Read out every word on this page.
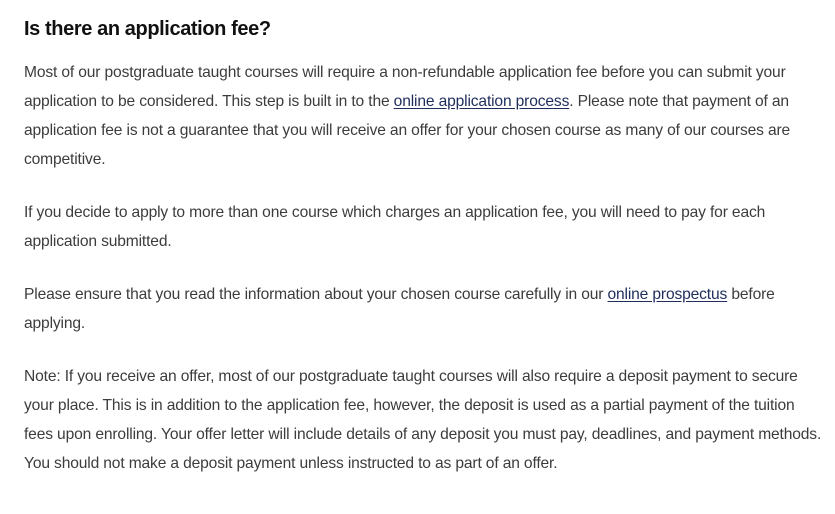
Is there an application fee?

Most of our postgraduate taught courses will require a non-refundable application fee before you can submit your application to be considered. This step is built in to the online application process. Please note that payment of an application fee is not a guarantee that you will receive an offer for your chosen course as many of our courses are competitive.

If you decide to apply to more than one course which charges an application fee, you will need to pay for each application submitted.

Please ensure that you read the information about your chosen course carefully in our online prospectus before applying.

Note: If you receive an offer, most of our postgraduate taught courses will also require a deposit payment to secure your place. This is in addition to the application fee, however, the deposit is used as a partial payment of the tuition fees upon enrolling. Your offer letter will include details of any deposit you must pay, deadlines, and payment methods. You should not make a deposit payment unless instructed to as part of an offer.
